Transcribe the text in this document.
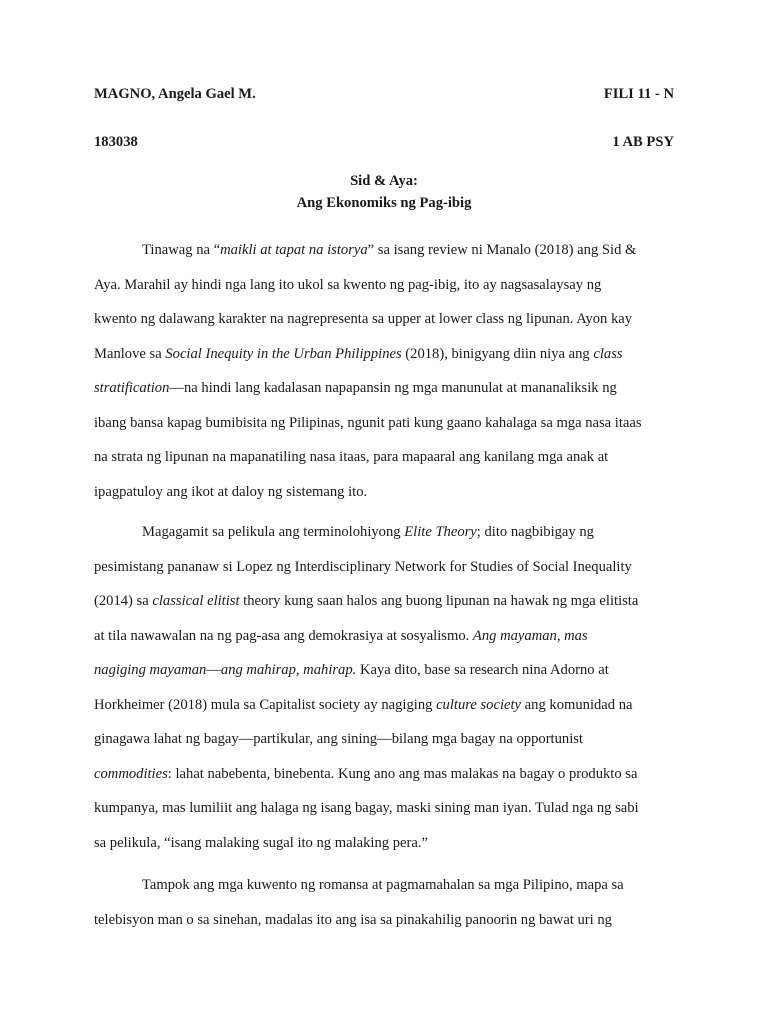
MAGNO, Angela Gael M.	FILI 11 - N
183038	1 AB PSY
Sid & Aya:
Ang Ekonomiks ng Pag-ibig
Tinawag na “maikli at tapat na istorya” sa isang review ni Manalo (2018) ang Sid &
Aya. Marahil ay hindi nga lang ito ukol sa kwento ng pag-ibig, ito ay nagsasalaysay ng
kwento ng dalawang karakter na nagrepresenta sa upper at lower class ng lipunan. Ayon kay
Manlove sa Social Inequity in the Urban Philippines (2018), binigyang diin niya ang class
stratification—na hindi lang kadalasan napapansin ng mga manunulat at mananaliksik ng
ibang bansa kapag bumibisita ng Pilipinas, ngunit pati kung gaano kahalaga sa mga nasa itaas
na strata ng lipunan na mapanatiling nasa itaas, para mapaaral ang kanilang mga anak at
ipagpatuloy ang ikot at daloy ng sistemang ito.
Magagamit sa pelikula ang terminolohiyong Elite Theory; dito nagbibigay ng
pesimistang pananaw si Lopez ng Interdisciplinary Network for Studies of Social Inequality
(2014) sa classical elitist theory kung saan halos ang buong lipunan na hawak ng mga elitista
at tila nawawalan na ng pag-asa ang demokrasiya at sosyalismo. Ang mayaman, mas
nagiging mayaman—ang mahirap, mahirap. Kaya dito, base sa research nina Adorno at
Horkheimer (2018) mula sa Capitalist society ay nagiging culture society ang komunidad na
ginagawa lahat ng bagay—partikular, ang sining—bilang mga bagay na opportunist
commodities: lahat nabebenta, binebenta. Kung ano ang mas malakas na bagay o produkto sa
kumpanya, mas lumiliit ang halaga ng isang bagay, maski sining man iyan. Tulad nga ng sabi
sa pelikula, “isang malaking sugal ito ng malaking pera.”
Tampok ang mga kuwento ng romansa at pagmamahalan sa mga Pilipino, mapa sa
telebisyon man o sa sinehan, madalas ito ang isa sa pinakahilig panoorin ng bawat uri ng
